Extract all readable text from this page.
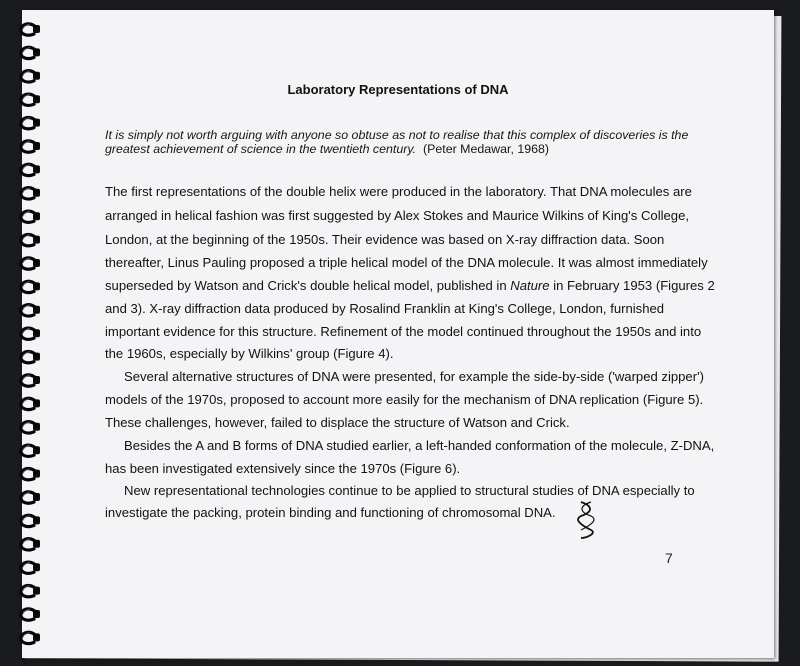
Laboratory Representations of DNA
It is simply not worth arguing with anyone so obtuse as not to realise that this complex of discoveries is the
greatest achievement of science in the twentieth century. (Peter Medawar, 1968)
The first representations of the double helix were produced in the laboratory. That DNA molecules are
arranged in helical fashion was first suggested by Alex Stokes and Maurice Wilkins of King's College,
London, at the beginning of the 1950s. Their evidence was based on X-ray diffraction data. Soon
thereafter, Linus Pauling proposed a triple helical model of the DNA molecule. It was almost immediately
superseded by Watson and Crick's double helical model, published in Nature in February 1953 (Figures 2
and 3). X-ray diffraction data produced by Rosalind Franklin at King's College, London, furnished
important evidence for this structure. Refinement of the model continued throughout the 1950s and into
the 1960s, especially by Wilkins' group (Figure 4).
Several alternative structures of DNA were presented, for example the side-by-side ('warped zipper')
models of the 1970s, proposed to account more easily for the mechanism of DNA replication (Figure 5).
These challenges, however, failed to displace the structure of Watson and Crick.
Besides the A and B forms of DNA studied earlier, a left-handed conformation of the molecule, Z-DNA,
has been investigated extensively since the 1970s (Figure 6).
New representational technologies continue to be applied to structural studies of DNA especially to
investigate the packing, protein binding and functioning of chromosomal DNA.
7
